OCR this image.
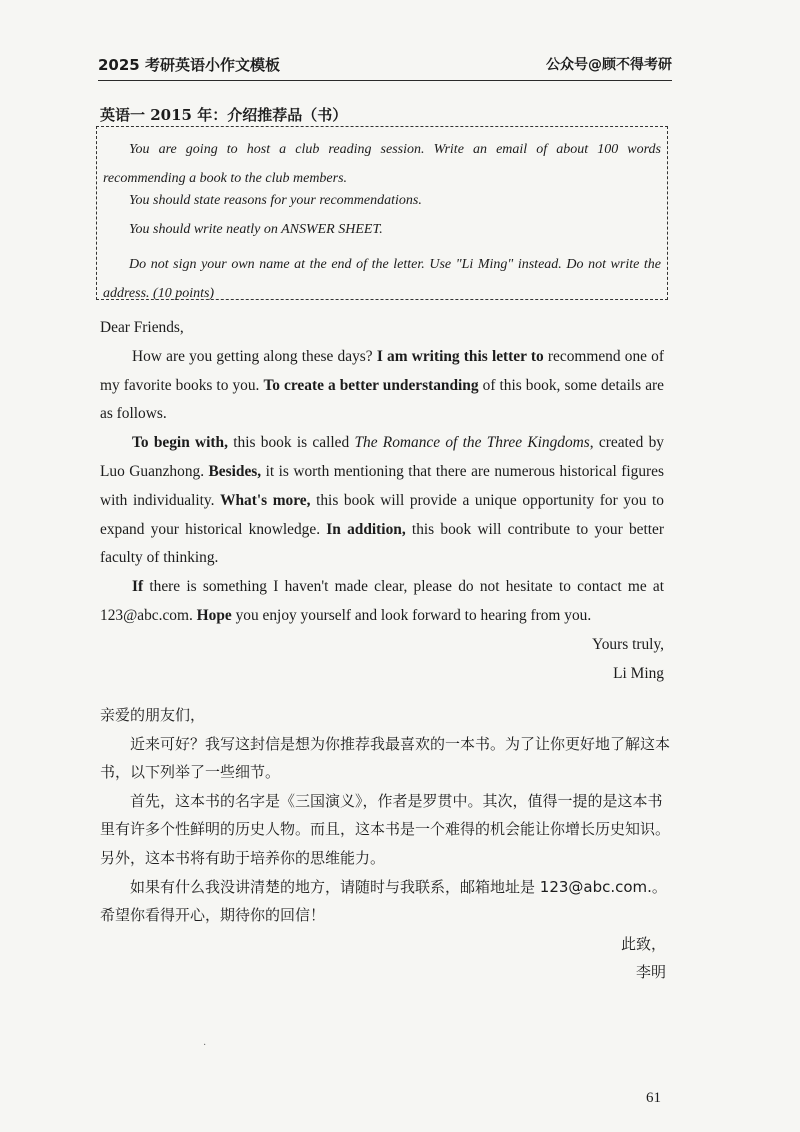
2025 考研英语小作文模板	公众号@顾不得考研
英语一 2015 年：介绍推荐品（书）

You are going to host a club reading session. Write an email of about 100 words recommending a book to the club members.

You should state reasons for your recommendations.

You should write neatly on ANSWER SHEET.

Do not sign your own name at the end of the letter. Use "Li Ming" instead. Do not write the address. (10 points)

Dear Friends,

How are you getting along these days? I am writing this letter to recommend one of my favorite books to you. To create a better understanding of this book, some details are as follows.

To begin with, this book is called The Romance of the Three Kingdoms, created by Luo Guanzhong. Besides, it is worth mentioning that there are numerous historical figures with individuality. What's more, this book will provide a unique opportunity for you to expand your historical knowledge. In addition, this book will contribute to your better faculty of thinking.

If there is something I haven't made clear, please do not hesitate to contact me at 123@abc.com. Hope you enjoy yourself and look forward to hearing from you.

Yours truly,

Li Ming

亲爱的朋友们，

近来可好？我写这封信是想为你推荐我最喜欢的一本书。为了让你更好地了解这本书，以下列举了一些细节。

首先，这本书的名字是《三国演义》，作者是罗贯中。其次，值得一提的是这本书里有许多个性鲜明的历史人物。而且，这本书是一个难得的机会能让你增长历史知识。另外，这本书将有助于培养你的思维能力。

如果有什么我没讲清楚的地方，请随时与我联系，邮箱地址是 123@abc.com.。希望你看得开心，期待你的回信！

此致，

李明

·
61
